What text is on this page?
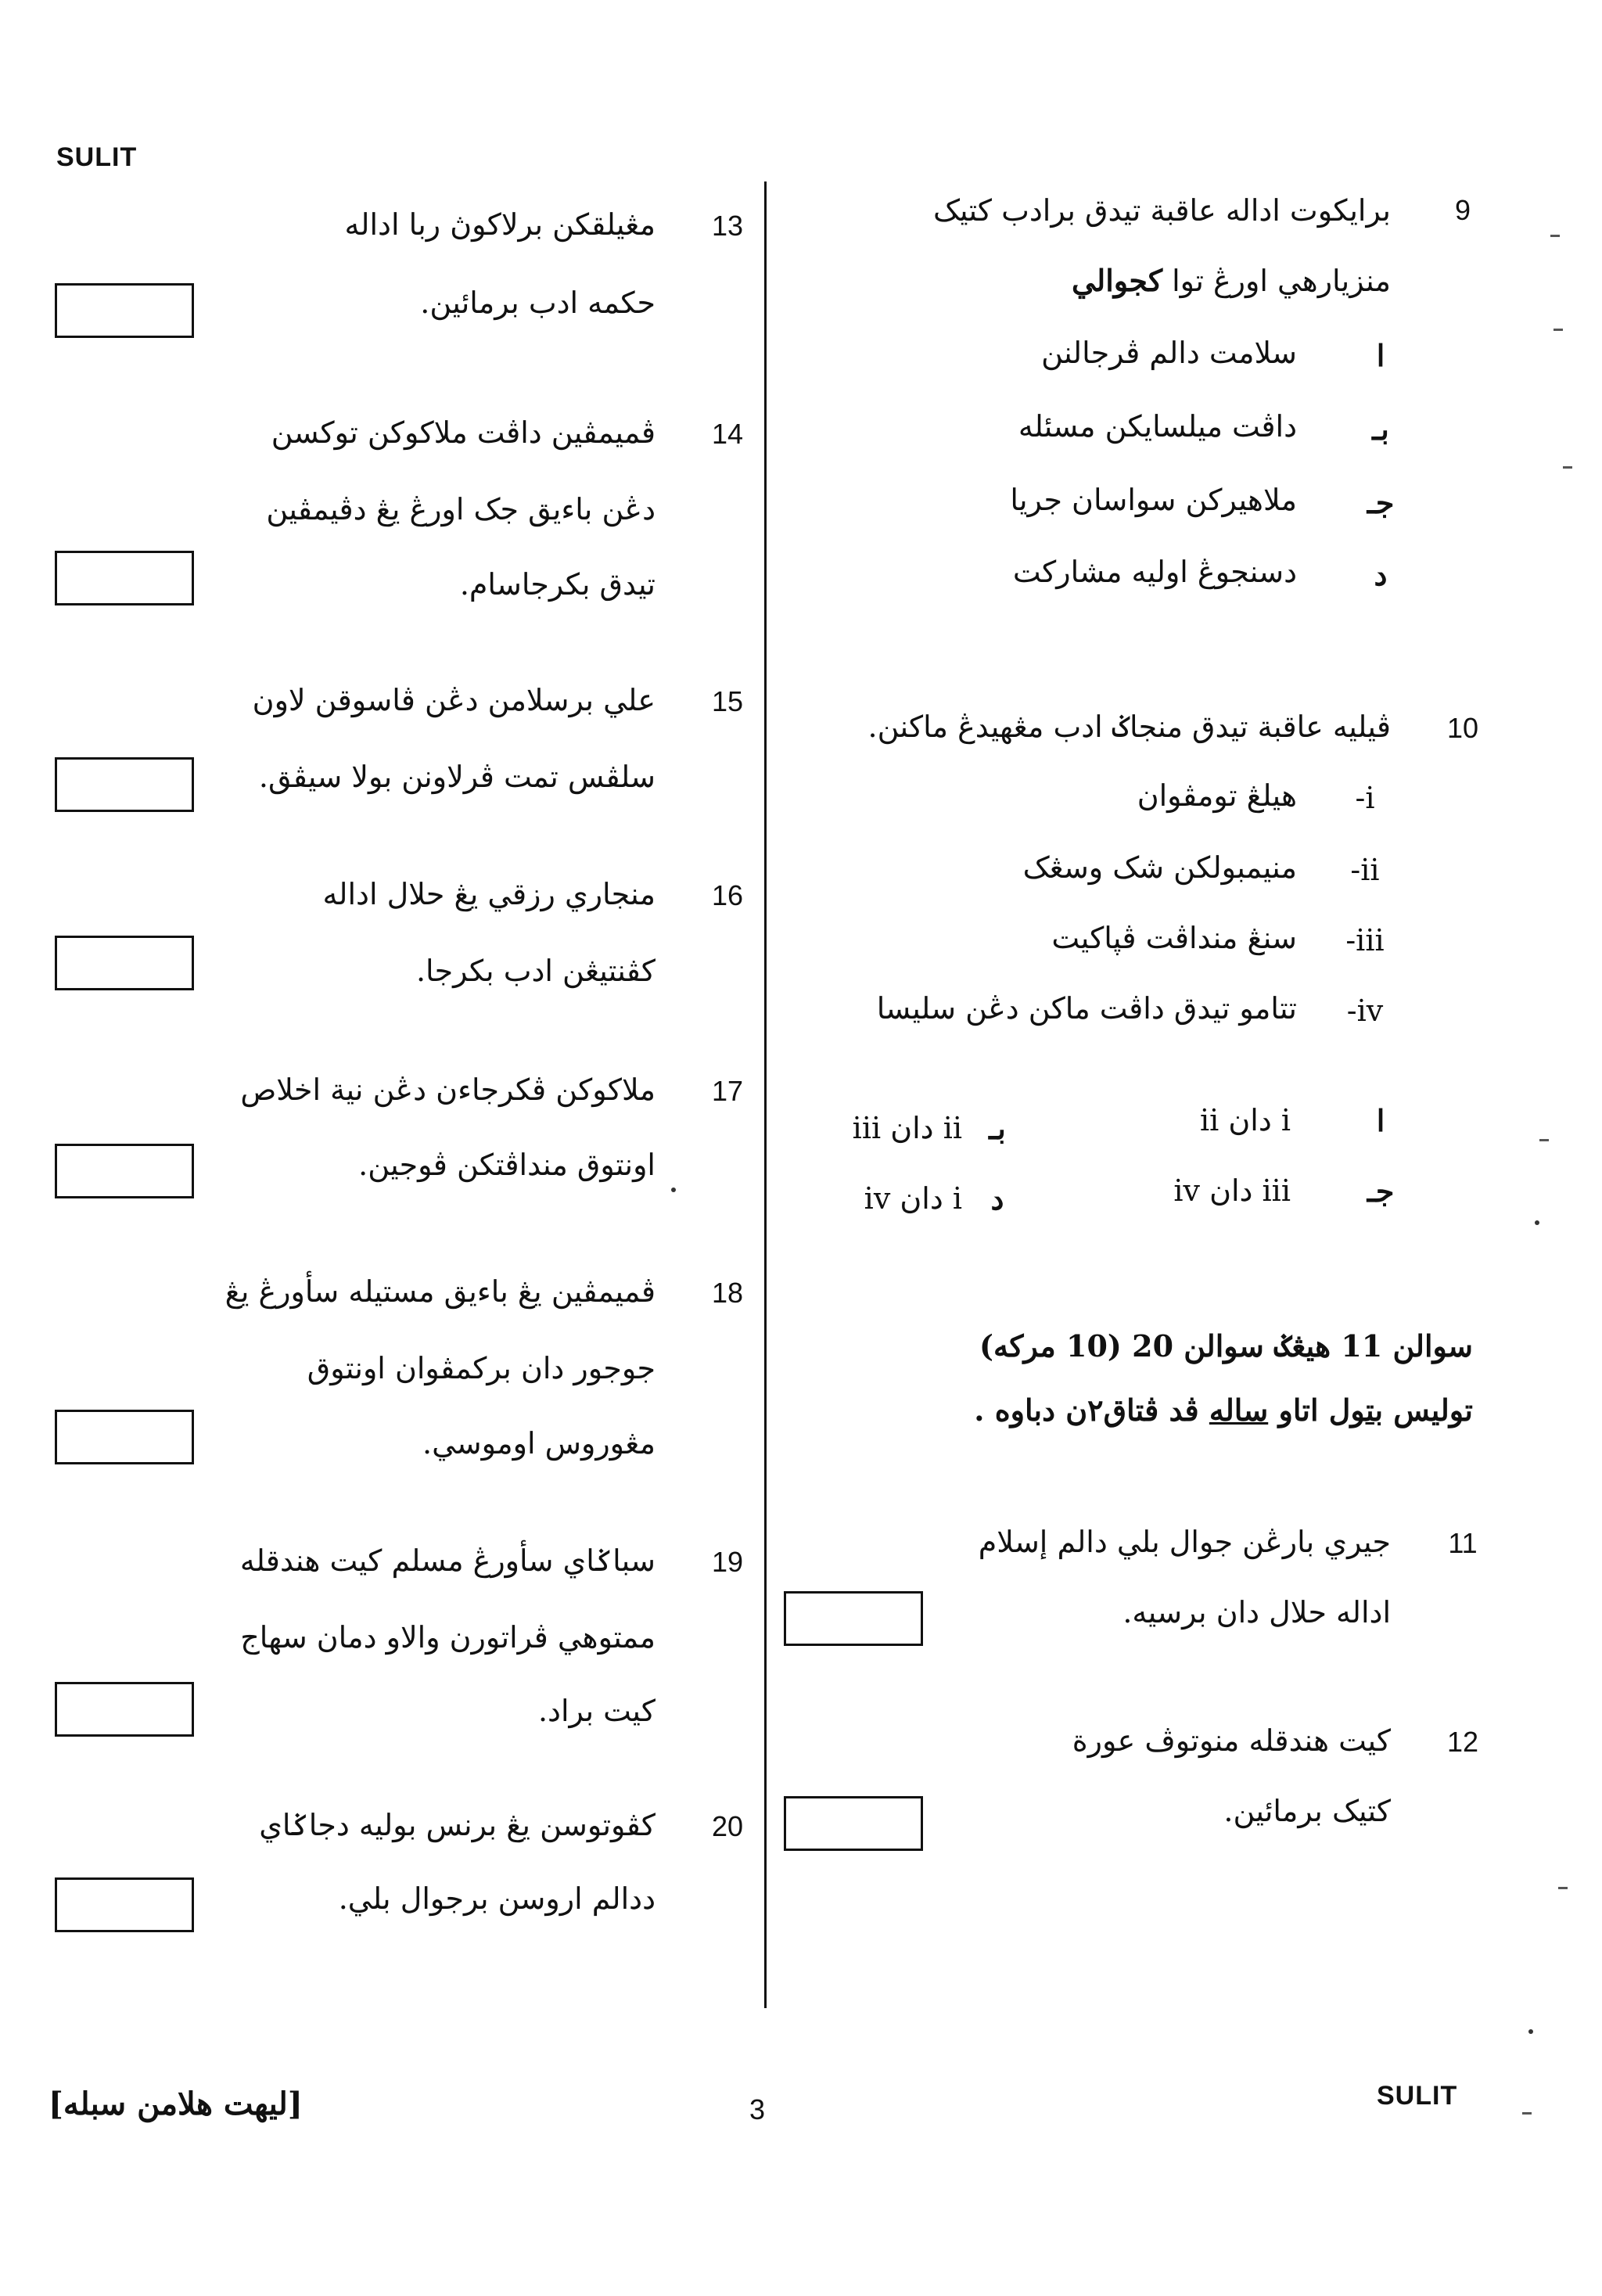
SULIT
SULIT
3
[ليهت هلامن سبله]
9
برايكوت اداله عاقبة تيدق برادب كتيک
منزيارهي اورڠ توا كجوالي
ا
سلامت دالم ڤرجالنن
بـ
داڤت ميلسايكن مسئله
جـ
ملاهيركن سواسان جريا
د
دسنجوڠ اوليه مشاركت
10
ڤيليه عاقبة تيدق منجاݢ ادب مڠهيدڠ ماكنن.
-i
هيلڠ تومڤوان
-ii
منيمبولكن شک وسڠک
-iii
سنڠ منداڤت ڤپاكيت
-iv
تتامو تيدق داڤت ماكن دڠن سليسا
ا
i دان ii
بـ
ii دان iii
جـ
iii دان iv
د
i دان iv
سوالن 11 هيڠݢ سوالن 20 (10 مركه)
توليس بتول اتاو ساله ڤد ڤتاق٢ن دباوه .
11
جيري بارڠن جوال بلي دالم إسلام
اداله حلال دان برسيه.
12
كيت هندقله منوتوڤ عورة
كتيک برمائين.
13
مڠيلقكن برلاكوڽ ربا اداله
حكمه ادب برمائين.
14
ڤميمڤين داڤت ملاكوكن توكسن
دڠن باءيق جک اورڠ يڠ دڤيمڤين
تيدق بكرجاسام.
15
علي برسلامن دڠن ڤاسوقن لاون
سلڤس تمت ڤرلاونن بولا سيڤق.
16
منجاري رزقي يڠ حلال اداله
كڤنتيڠن ادب بكرجا.
17
ملاكوكن ڤكرجاءن دڠن نية اخلاص
اونتوق منداڤتكن ڤوجين.
18
ڤميمڤين يڠ باءيق مستيله سأورڠ يڠ
جوجور دان بركمڤوان اونتوق
مڠوروس اوموسي.
19
سباݢاي سأورڠ مسلم كيت هندقله
ممتوهي ڤراتورن والاو دمان سهاج
كيت براد.
20
كڤوتوسن يڠ برنس بوليه دجاݢاي
ددالم اروسن برجوال بلي.
